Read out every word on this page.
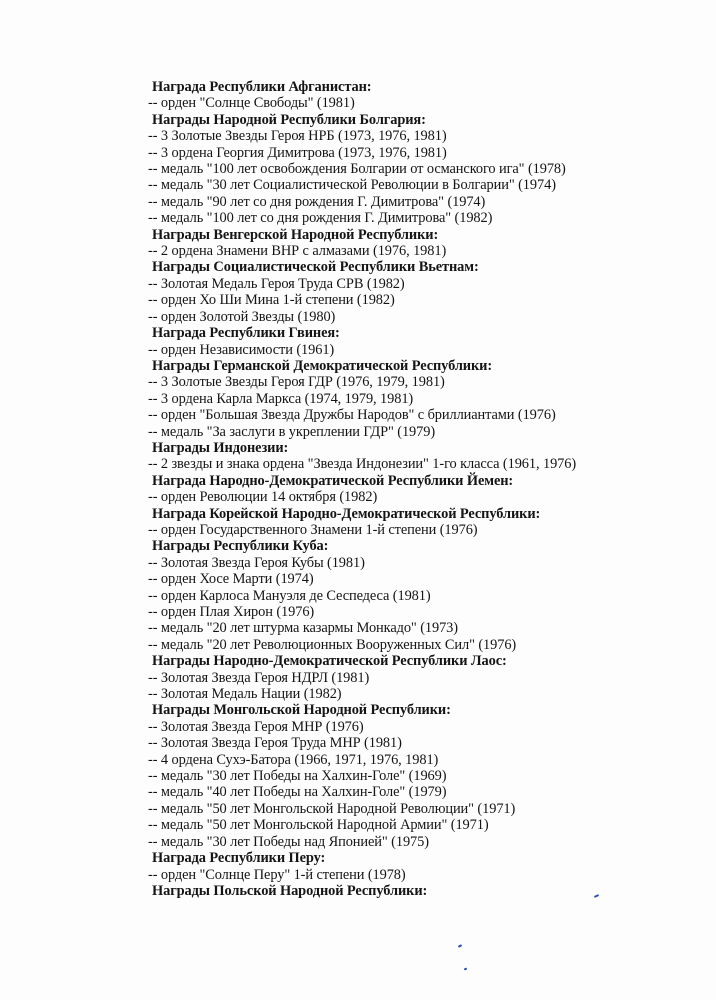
Награда Республики Афганистан:
-- орден "Солнце Свободы" (1981)
Награды Народной Республики Болгария:
-- 3 Золотые Звезды Героя НРБ (1973, 1976, 1981)
-- 3 ордена Георгия Димитрова (1973, 1976, 1981)
-- медаль "100 лет освобождения Болгарии от османского ига" (1978)
-- медаль "30 лет Социалистической Революции в Болгарии" (1974)
-- медаль "90 лет со дня рождения Г. Димитрова" (1974)
-- медаль "100 лет со дня рождения Г. Димитрова" (1982)
Награды Венгерской Народной Республики:
-- 2 ордена Знамени ВНР с алмазами (1976, 1981)
Награды Социалистической Республики Вьетнам:
-- Золотая Медаль Героя Труда СРВ (1982)
-- орден Хо Ши Мина 1-й степени (1982)
-- орден Золотой Звезды (1980)
Награда Республики Гвинея:
-- орден Независимости (1961)
Награды Германской Демократической Республики:
-- 3 Золотые Звезды Героя ГДР (1976, 1979, 1981)
-- 3 ордена Карла Маркса (1974, 1979, 1981)
-- орден "Большая Звезда Дружбы Народов" с бриллиантами (1976)
-- медаль "За заслуги в укреплении ГДР" (1979)
Награды Индонезии:
-- 2 звезды и знака ордена "Звезда Индонезии" 1-го класса (1961, 1976)
Награда Народно-Демократической Республики Йемен:
-- орден Революции 14 октября (1982)
Награда Корейской Народно-Демократической Республики:
-- орден Государственного Знамени 1-й степени (1976)
Награды Республики Куба:
-- Золотая Звезда Героя Кубы (1981)
-- орден Хосе Марти (1974)
-- орден Карлоса Мануэля де Сеспедеса (1981)
-- орден Плая Хирон (1976)
-- медаль "20 лет штурма казармы Монкадо" (1973)
-- медаль "20 лет Революционных Вооруженных Сил" (1976)
Награды Народно-Демократической Республики Лаос:
-- Золотая Звезда Героя НДРЛ (1981)
-- Золотая Медаль Нации (1982)
Награды Монгольской Народной Республики:
-- Золотая Звезда Героя МНР (1976)
-- Золотая Звезда Героя Труда МНР (1981)
-- 4 ордена Сухэ-Батора (1966, 1971, 1976, 1981)
-- медаль "30 лет Победы на Халхин-Голе" (1969)
-- медаль "40 лет Победы на Халхин-Голе" (1979)
-- медаль "50 лет Монгольской Народной Революции" (1971)
-- медаль "50 лет Монгольской Народной Армии" (1971)
-- медаль "30 лет Победы над Японией" (1975)
Награда Республики Перу:
-- орден "Солнце Перу" 1-й степени (1978)
Награды Польской Народной Республики:
